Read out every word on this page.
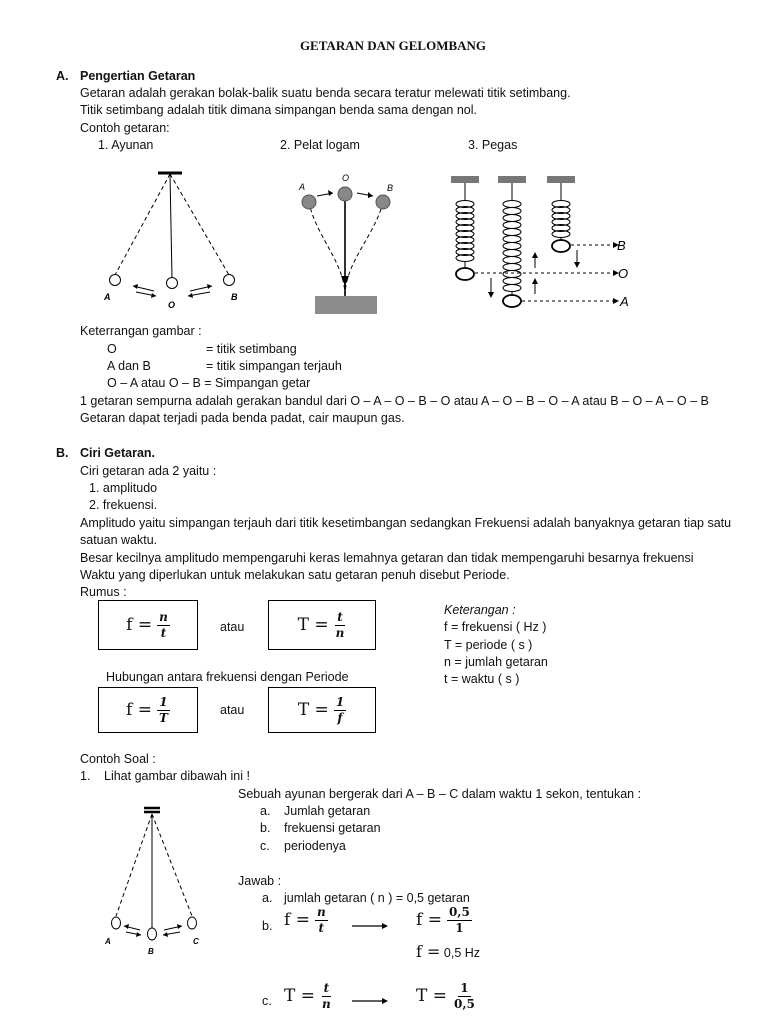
GETARAN DAN GELOMBANG
A. Pengertian Getaran
Getaran adalah gerakan bolak-balik suatu benda secara teratur melewati titik setimbang.
Titik setimbang adalah titik dimana simpangan benda sama dengan nol.
Contoh getaran:
1. Ayunan	2. Pelat logam	3. Pegas
A
O
B
A
O
B
B
O
A
Keterrangan gambar :
O	= titik setimbang
A dan B	= titik simpangan terjauh
O – A atau O – B = Simpangan getar
1 getaran sempurna adalah gerakan bandul dari O – A – O – B – O atau A – O – B – O – A atau B – O – A – O – B
Getaran dapat terjadi pada benda padat, cair maupun gas.
B. Ciri Getaran.
Ciri getaran ada 2 yaitu :
1. amplitudo
2. frekuensi.
Amplitudo yaitu simpangan terjauh dari titik kesetimbangan sedangkan Frekuensi adalah banyaknya getaran tiap satu
satuan waktu.
Besar kecilnya amplitudo mempengaruhi keras lemahnya getaran dan tidak mempengaruhi besarnya frekuensi
Waktu yang diperlukan untuk melakukan satu getaran penuh disebut Periode.
Rumus :
$f = \frac{n}{t}$	atau	$T = \frac{t}{n}$
Keterangan :
f = frekuensi ( Hz )
T = periode ( s )
n = jumlah getaran
t = waktu ( s )
Hubungan antara frekuensi dengan Periode
$f = \frac{1}{T}$	atau	$T = \frac{1}{f}$
Contoh Soal :
1. Lihat gambar dibawah ini !
Sebuah ayunan bergerak dari A – B – C dalam waktu 1 sekon, tentukan :
a. Jumlah getaran
b. frekuensi getaran
c. periodenya
A
B
C
Jawab :
a. jumlah getaran ( n ) = 0,5 getaran
b. $f = \frac{n}{t}$	$f = \frac{0,5}{1}$
f = 0,5 Hz
c. $T = \frac{t}{n}$	$T = \frac{1}{0,5}$
